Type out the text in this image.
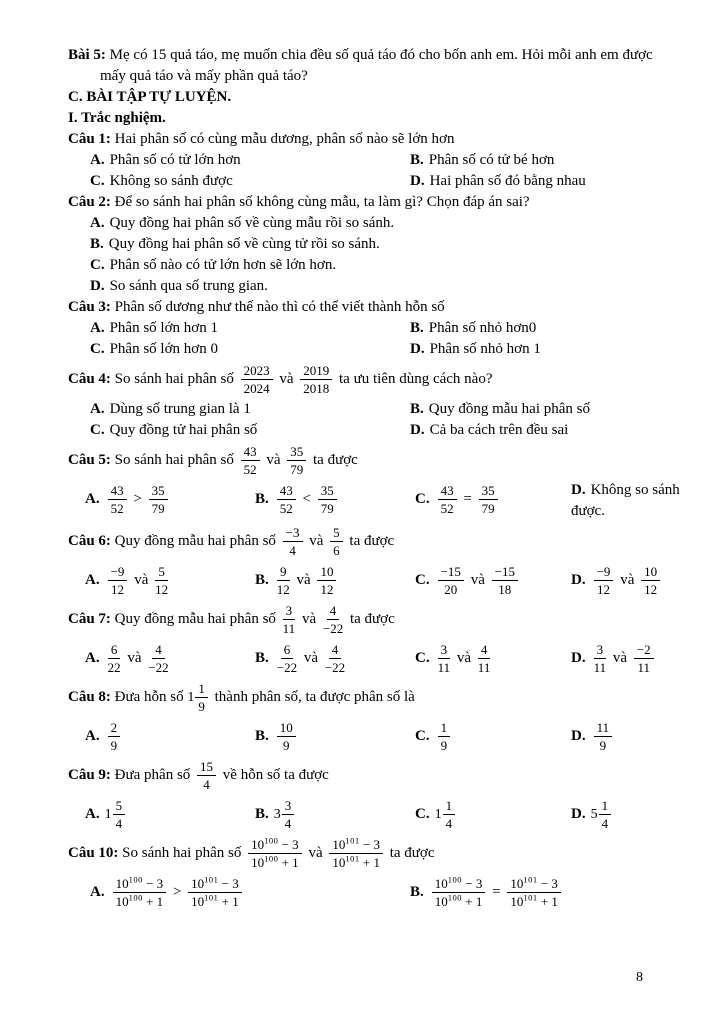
Bài 5: Mẹ có 15 quả táo, mẹ muốn chia đều số quả táo đó cho bốn anh em. Hỏi mỗi anh em được
mấy quả táo và mấy phần quả táo?
C. BÀI TẬP TỰ LUYỆN.
I. Trắc nghiệm.
Câu 1: Hai phân số có cùng mẫu dương, phân số nào sẽ lớn hơn
A. Phân số có tử lớn hơn	B. Phân số có tử bé hơn
C. Không so sánh được	D. Hai phân số đó bằng nhau
Câu 2: Để so sánh hai phân số không cùng mẫu, ta làm gì? Chọn đáp án sai?
A. Quy đồng hai phân số về cùng mẫu rồi so sánh.
B. Quy đồng hai phân số về cùng tử rồi so sánh.
C. Phân số nào có tử lớn hơn sẽ lớn hơn.
D. So sánh qua số trung gian.
Câu 3: Phân số dương như thế nào thì có thể viết thành hỗn số
A. Phân số lớn hơn 1	B. Phân số nhỏ hơn0
C. Phân số lớn hơn 0	D. Phân số nhỏ hơn 1
Câu 4: So sánh hai phân số $\frac{2023}{2024}$ và $\frac{2019}{2018}$ ta ưu tiên dùng cách nào?
A. Dùng số trung gian là 1	B. Quy đồng mẫu hai phân số
C. Quy đồng tử hai phân số	D. Cả ba cách trên đều sai
Câu 5: So sánh hai phân số $\frac{43}{52}$ và $\frac{35}{79}$ ta được
A. $\frac{43}{52} > \frac{35}{79}$	B. $\frac{43}{52} < \frac{35}{79}$	C. $\frac{43}{52} = \frac{35}{79}$	D. Không so sánh được.
Câu 6: Quy đồng mẫu hai phân số $\frac{-3}{4}$ và $\frac{5}{6}$ ta được
A. $\frac{-9}{12}$ và $\frac{5}{12}$	B. $\frac{9}{12}$ và $\frac{10}{12}$	C. $\frac{-15}{20}$ và $\frac{-15}{18}$	D. $\frac{-9}{12}$ và $\frac{10}{12}$
Câu 7: Quy đồng mẫu hai phân số $\frac{3}{11}$ và $\frac{4}{-22}$ ta được
A. $\frac{6}{22}$ và $\frac{4}{-22}$	B. $\frac{6}{-22}$ và $\frac{4}{-22}$	C. $\frac{3}{11}$ và $\frac{4}{11}$	D. $\frac{3}{11}$ và $\frac{-2}{11}$
Câu 8: Đưa hỗn số $1 \frac{1}{9}$ thành phân số, ta được phân số là
A. $\frac{2}{9}$	B. $\frac{10}{9}$	C. $\frac{1}{9}$	D. $\frac{11}{9}$
Câu 9: Đưa phân số $\frac{15}{4}$ về hỗn số ta được
A. $1 \frac{5}{4}$	B. $3 \frac{3}{4}$	C. $1 \frac{1}{4}$	D. $5 \frac{1}{4}$
Câu 10: So sánh hai phân số $\frac{10^{100} - 3}{10^{100} + 1}$ và $\frac{10^{101} - 3}{10^{101} + 1}$ ta được
A. $\frac{10^{100} - 3}{10^{100} + 1} > \frac{10^{101} - 3}{10^{101} + 1}$	B. $\frac{10^{100} - 3}{10^{100} + 1} = \frac{10^{101} - 3}{10^{101} + 1}$
8
